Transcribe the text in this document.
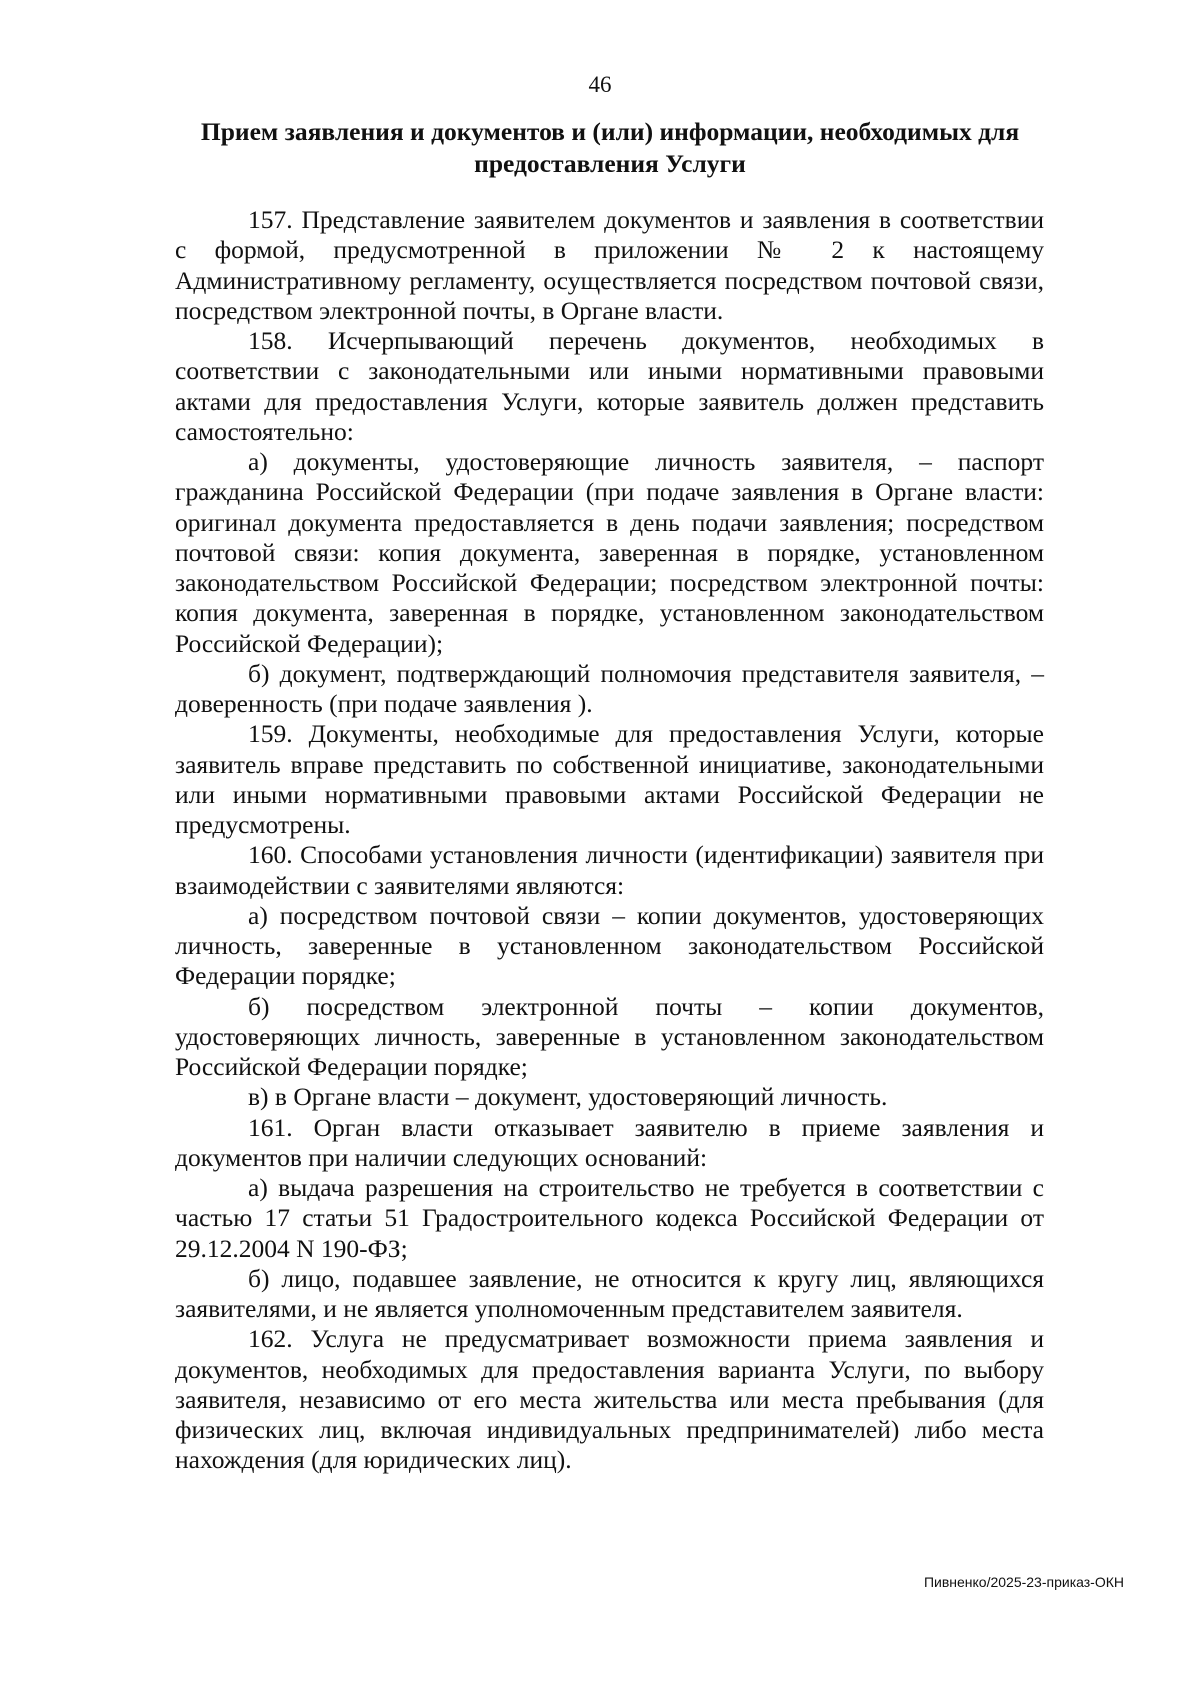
46
Прием заявления и документов и (или) информации, необходимых для
предоставления Услуги

157. Представление заявителем документов и заявления в соответствии с формой, предусмотренной в приложении № 2 к настоящему Административному регламенту, осуществляется посредством почтовой связи, посредством электронной почты, в Органе власти.

158. Исчерпывающий перечень документов, необходимых в соответствии с законодательными или иными нормативными правовыми актами для предоставления Услуги, которые заявитель должен представить самостоятельно:

а) документы, удостоверяющие личность заявителя, – паспорт гражданина Российской Федерации (при подаче заявления в Органе власти: оригинал документа предоставляется в день подачи заявления; посредством почтовой связи: копия документа, заверенная в порядке, установленном законодательством Российской Федерации; посредством электронной почты: копия документа, заверенная в порядке, установленном законодательством Российской Федерации);

б) документ, подтверждающий полномочия представителя заявителя, – доверенность (при подаче заявления ).

159. Документы, необходимые для предоставления Услуги, которые заявитель вправе представить по собственной инициативе, законодательными или иными нормативными правовыми актами Российской Федерации не предусмотрены.

160. Способами установления личности (идентификации) заявителя при взаимодействии с заявителями являются:

а) посредством почтовой связи – копии документов, удостоверяющих личность, заверенные в установленном законодательством Российской Федерации порядке;

б) посредством электронной почты – копии документов, удостоверяющих личность, заверенные в установленном законодательством Российской Федерации порядке;

в) в Органе власти – документ, удостоверяющий личность.

161. Орган власти отказывает заявителю в приеме заявления и документов при наличии следующих оснований:

а) выдача разрешения на строительство не требуется в соответствии с частью 17 статьи 51 Градостроительного кодекса Российской Федерации от 29.12.2004 N 190-ФЗ;

б) лицо, подавшее заявление, не относится к кругу лиц, являющихся заявителями, и не является уполномоченным представителем заявителя.

162. Услуга не предусматривает возможности приема заявления и документов, необходимых для предоставления варианта Услуги, по выбору заявителя, независимо от его места жительства или места пребывания (для физических лиц, включая индивидуальных предпринимателей) либо места нахождения (для юридических лиц).

Пивненко/2025-23-приказ-ОКН
